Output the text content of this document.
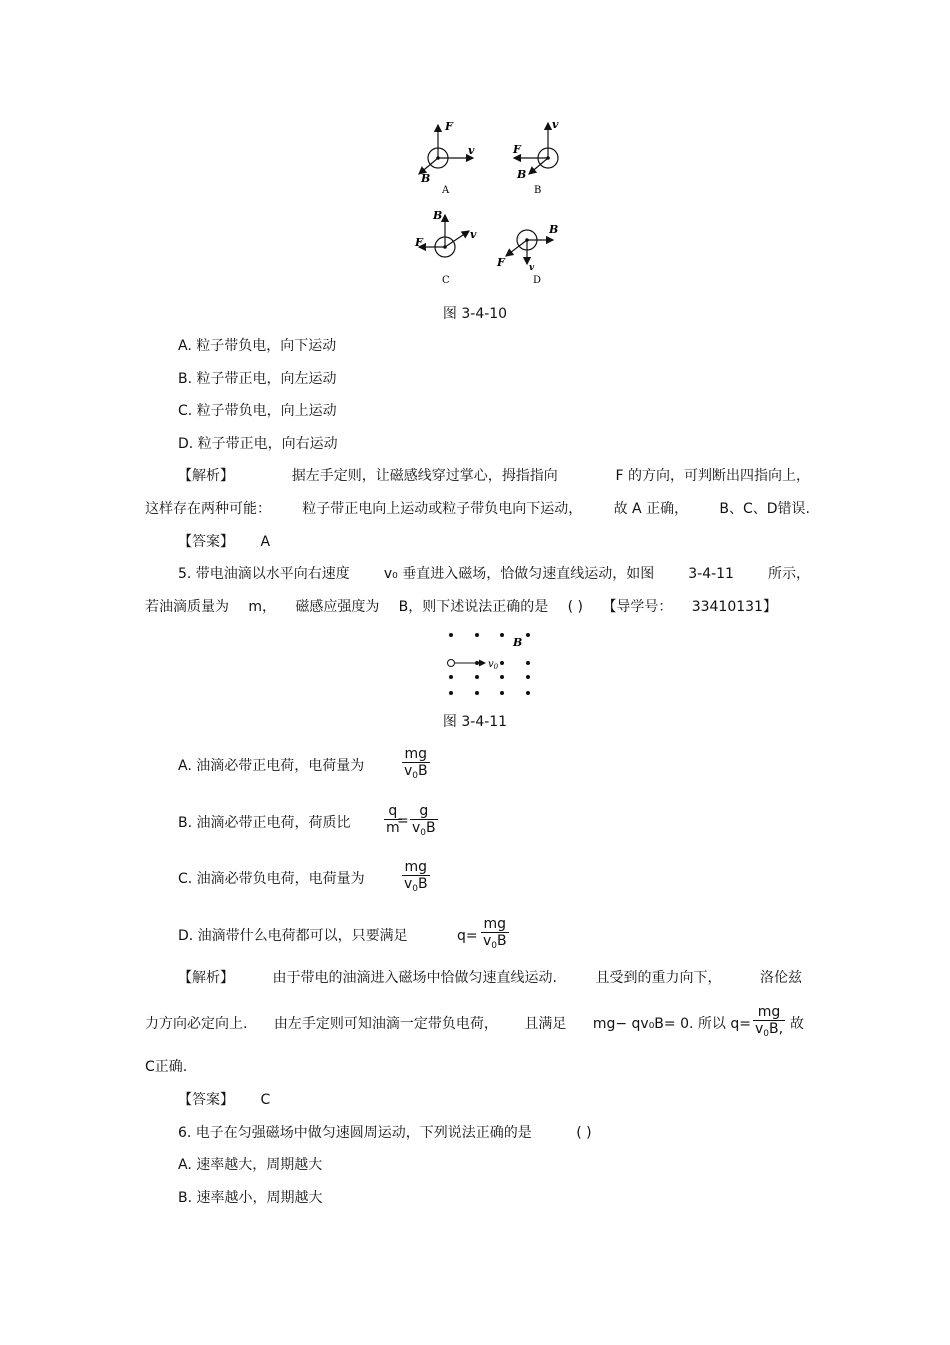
F
v
B
A
v
F
B
B
B
F
v
C
B
v
F
D
图 3-4-10
A. 粒子带负电，向下运动
B. 粒子带正电，向左运动
C. 粒子带负电，向上运动
D. 粒子带正电，向右运动
【解析】	据左手定则，让磁感线穿过掌心，拇指指向	F 的方向，可判断出四指向上，
这样存在两种可能： 粒子带正电向上运动或粒子带负电向下运动， 故 A 正确， B、C、D错误.
【答案】 A
5. 带电油滴以水平向右速度 v₀ 垂直进入磁场，恰做匀速直线运动，如图 3-4-11 所示，
若油滴质量为 m， 磁感应强度为 B，则下述说法正确的是 ( ) 【导学号： 33410131】
B
$v_0$
图 3-4-11
A. 油滴必带正电荷，电荷量为	$\frac{mg}{v_0B}$
B. 油滴必带正电荷，荷质比	$\frac{q}{m}$
= $\frac{g}{v_0B}$
C. 油滴必带负电荷，电荷量为	$\frac{mg}{v_0B}$
D. 油滴带什么电荷都可以，只要满足	$q= \frac{mg}{v_0B}$
【解析】	由于带电的油滴进入磁场中恰做匀速直线运动.	且受到的重力向下，	洛伦兹
力方向必定向上. 由左手定则可知油滴一定带负电荷， 且满足 mg− qv₀B= 0. 所以 $q= \frac{mg}{v_0B,}$ 故
C正确.
【答案】 C
6. 电子在匀强磁场中做匀速圆周运动，下列说法正确的是	( )
A. 速率越大，周期越大
B. 速率越小，周期越大
